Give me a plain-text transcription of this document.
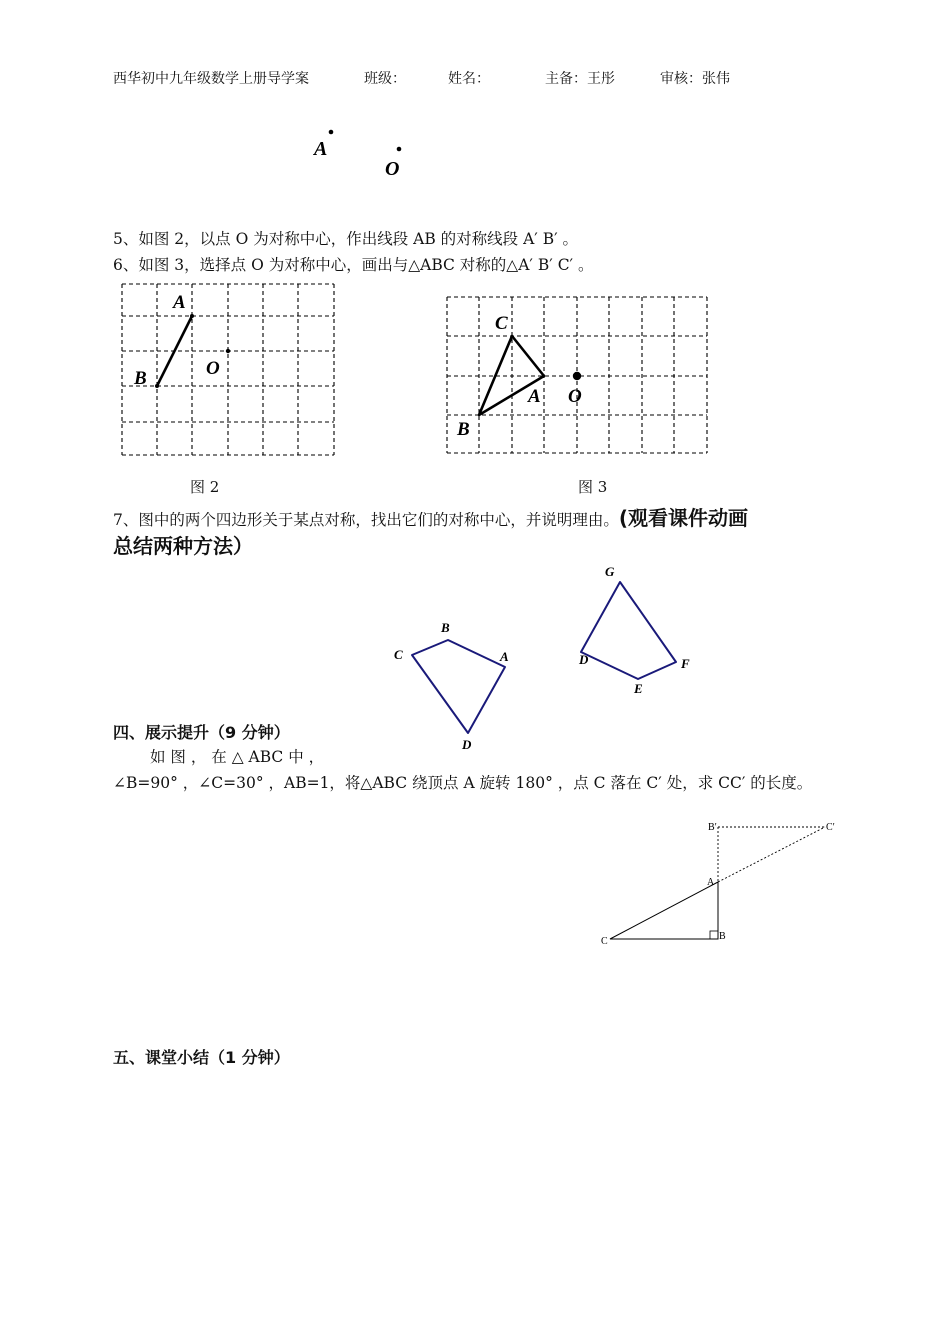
西华初中九年级数学上册导学案	班级：	姓名：	主备：王彤	审核：张伟
A
O
5、如图 2，以点 O 为对称中心，作出线段 AB 的对称线段 A′ B′ 。
6、如图 3，选择点 O 为对称中心，画出与△ABC 对称的△A′ B′ C′ 。
A
B	O
图 2
C
A
B
O
图 3
7、图中的两个四边形关于某点对称，找出它们的对称中心，并说明理由。(观看课件动画
总结两种方法）
B
C	A
D
G
D
E
F
四、展示提升（9 分钟）
如 图 ， 在 △ ABC 中 ，
∠B=90° ，∠C=30° ，AB=1，将△ABC 绕顶点 A 旋转 180° ，点 C 落在 C′ 处，求 CC′ 的长度。
B′	C′
A
B
C
五、课堂小结（1 分钟）
